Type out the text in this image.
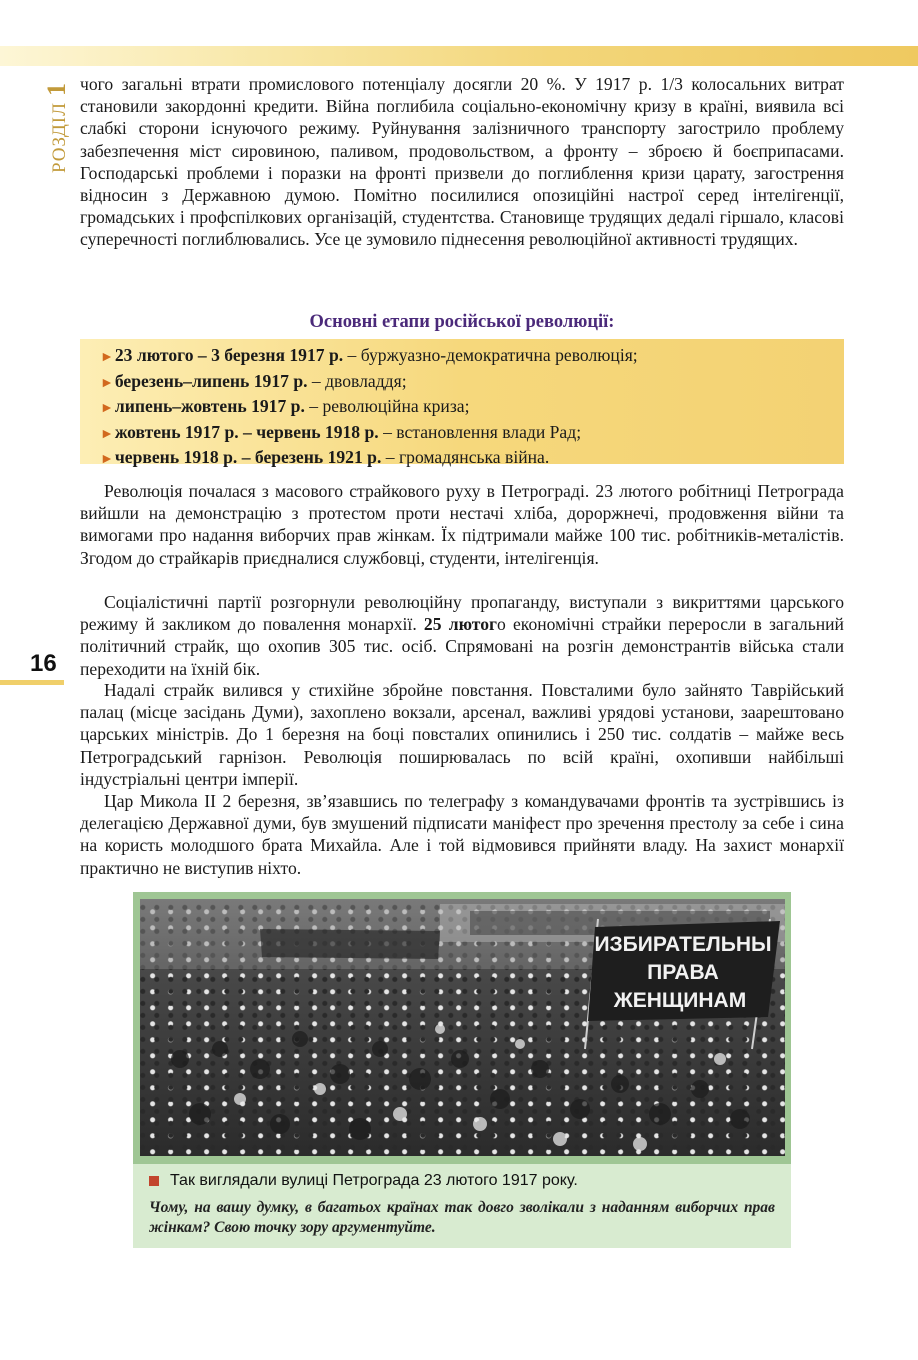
РОЗДІЛ
1 чого загальні втрати промислового потенціалу досягли 20 %. У 1917 р. 1/3 колосальних витрат становили закордонні кредити. Війна поглибила соціально-економічну кризу в країні, виявила всі слабкі сторони існуючого режиму. Руйнування залізничного транспорту загострило проблему забезпечення міст сировиною, паливом, продовольством, а фронту – зброєю й боєприпасами. Господарські проблеми і поразки на фронті призвели до поглиблення кризи царату, загострення відносин з Державною думою. Помітно посилилися опозиційні настрої серед інтелігенції, громадських і профспілкових організацій, студентства. Становище трудящих дедалі гіршало, класові суперечності поглиблювались. Усе це зумовило піднесення революційної активності трудящих.

Основні етапи російської революції:
►23 лютого – 3 березня 1917 р. – буржуазно-демократична революція;
►березень–липень 1917 р. – двовладдя;
►липень–жовтень 1917 р. – революційна криза;
►жовтень 1917 р. – червень 1918 р. – встановлення влади Рад;
►червень 1918 р. – березень 1921 р. – громадянська війна.

Революція почалася з масового страйкового руху в Петрограді. 23 лютого робітниці Петрограда вийшли на демонстрацію з протестом проти нестачі хліба, дороржнечі, продовження війни та вимогами про надання виборчих прав жінкам. Їх підтримали майже 100 тис. робітників-металістів. Згодом до страйкарів приєдналися службовці, студенти, інтелігенція.

Соціалістичні партії розгорнули революційну пропаганду, виступали з викриттями царського режиму й закликом до повалення монархії. 25 лютого економічні страйки переросли в загальний політичний страйк, що охопив 305 тис. осіб. Спрямовані на розгін демонстрантів війська стали переходити на їхній бік.

16

Надалі страйк вилився у стихійне збройне повстання. Повсталими було зайнято Таврійський палац (місце засідань Думи), захоплено вокзали, арсенал, важливі урядові установи, заарештовано царських міністрів. До 1 березня на боці повсталих опинились і 250 тис. солдатів – майже весь Петроградський гарнізон. Революція поширювалась по всій країні, охопивши найбільші індустріальні центри імперії.

Цар Микола ІІ 2 березня, зв’язавшись по телеграфу з командувачами фронтів та зустрівшись із делегацією Державної думи, був змушений підписати маніфест про зречення престолу за себе і сина на користь молодшого брата Михайла. Але і той відмовився прийняти владу. На захист монархії практично не виступив ніхто.

ИЗБИРАТЕЛЬНЫ
ПРАВА
ЖЕНЩИНАМ
Так виглядали вулиці Петрограда 23 лютого 1917 року.
Чому, на вашу думку, в багатьох країнах так довго зволікали з наданням виборчих прав жінкам? Свою точку зору аргументуйте.
